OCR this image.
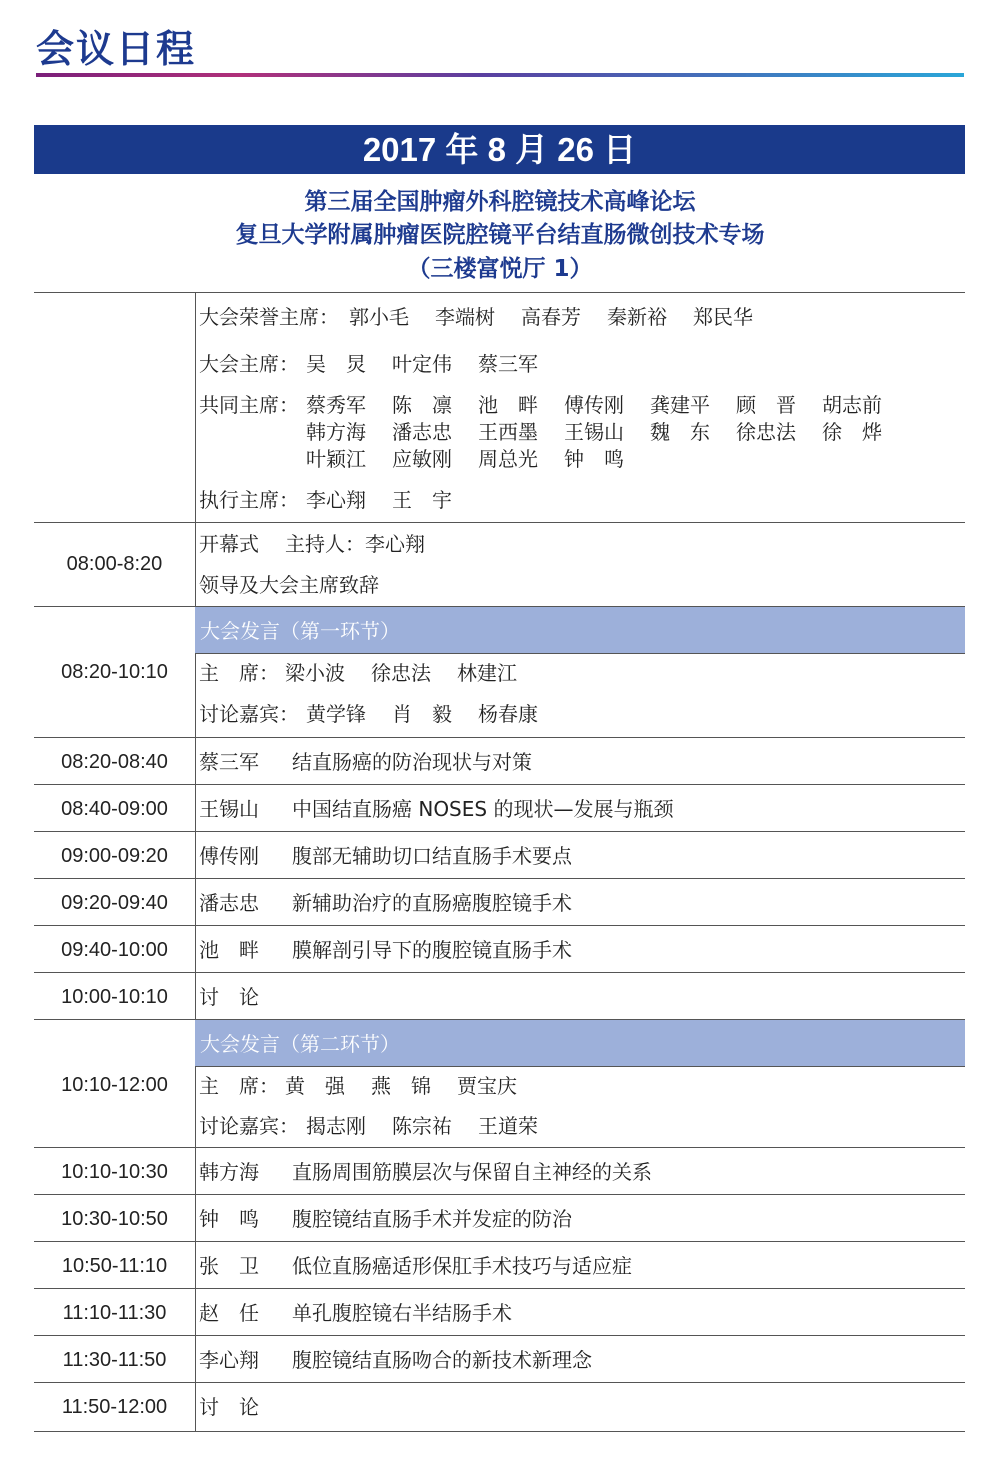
会议日程
2017 年 8 月 26 日
第三届全国肿瘤外科腔镜技术高峰论坛
复旦大学附属肿瘤医院腔镜平台结直肠微创技术专场
（三楼富悦厅 1）
大会荣誉主席： 郭小毛 李端树 高春芳 秦新裕 郑民华
大会主席： 吴　炅 叶定伟 蔡三军
共同主席： 蔡秀军 陈　凛 池　畔 傅传刚 龚建平 顾　晋 胡志前
韩方海 潘志忠 王西墨 王锡山 魏　东 徐忠法 徐　烨
叶颖江 应敏刚 周总光 钟　鸣
执行主席： 李心翔 王　宇
08:00-8:20
开幕式 主持人：李心翔
领导及大会主席致辞
大会发言（第一环节）
08:20-10:10	主　席： 梁小波 徐忠法 林建江
讨论嘉宾： 黄学锋 肖　毅 杨春康
08:20-08:40	蔡三军 结直肠癌的防治现状与对策
08:40-09:00	王锡山 中国结直肠癌 NOSES 的现状—发展与瓶颈
09:00-09:20	傅传刚 腹部无辅助切口结直肠手术要点
09:20-09:40	潘志忠 新辅助治疗的直肠癌腹腔镜手术
09:40-10:00	池　畔 膜解剖引导下的腹腔镜直肠手术
10:00-10:10	讨　论
大会发言（第二环节）
10:10-12:00	主　席： 黄　强 燕　锦 贾宝庆
讨论嘉宾： 揭志刚 陈宗祐 王道荣
10:10-10:30	韩方海 直肠周围筋膜层次与保留自主神经的关系
10:30-10:50	钟　鸣 腹腔镜结直肠手术并发症的防治
10:50-11:10	张　卫 低位直肠癌适形保肛手术技巧与适应症
11:10-11:30	赵　任 单孔腹腔镜右半结肠手术
11:30-11:50	李心翔 腹腔镜结直肠吻合的新技术新理念
11:50-12:00	讨　论
